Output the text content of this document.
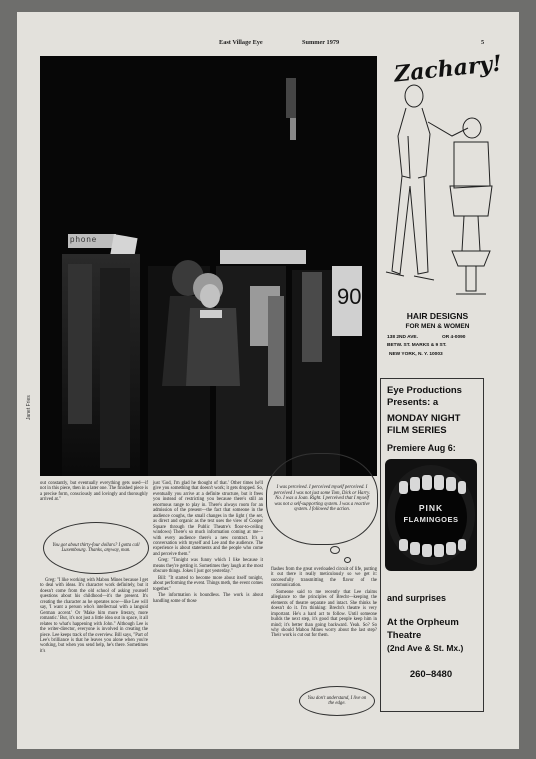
East Village Eye	Summer 1979	5
90
phone
Janet Fries

out constantly, but eventually everything gets used—if not in this piece, then in a later one. The finished piece is a precise form, consciously and lovingly and thoroughly arrived at."

You got about thirty-four dollars? I gotta call Luxembourg. Thanks, anyway, man.

Greg: "I like working with Mabou Mines because I get to deal with ideas. It's character work definitely, but it doesn't come from the old school of asking yourself questions about his childhood—it's the present. It's creating the character as he operates now—like Lee will say, 'I want a person who's intellectual with a languid German accent.' Or 'Make him more literary, more romantic.' But, it's not just a little idea out in space, it all relates to what's happening with John." Although Lee is the writer-director, everyone is involved in creating the piece. Lee keeps track of the overview. Bill says, "Part of Lee's brilliance is that he leaves you alone when you're working, but when you send help, he's there. Sometimes it's

just 'God, I'm glad he thought of that.' Other times he'll give you something that doesn't work; it gets dropped. So, eventually you arrive at a definite structure, but it frees you instead of restricting you because there's still an enormous range to play in. There's always room for an admission of the present—the fact that someone in the audience coughs, the small changes in the light ( the set, as direct and organic as the text uses the view of Cooper Square through the Public Theatre's floor-to-ceiling windows) There's so much information coming at me—with every audience there's a new contract. It's a conversation with myself and Lee and the audience. The experience is about statements and the people who come and perceive them."

Greg: "Tonight was funny which I like because it means they're getting it. Sometimes they laugh at the most obscure things. Jokes I just got yesterday."

Bill: "It started to become more about itself tonight, about performing the event. Things meth, the event comes together."

The information is boundless. The work is about handling some of those

I was perceived. I perceived myself perceived. I perceived I was not just some Tom, Dick or Harry. No. I was a Joan. Right. I perceived that I myself was not a self-supporting system. I was a reactive system. I followed the action.

flashes from the great overloaded circuit of life, putting it out there it really meticulously so we get it: successfully transmitting the flavor of the communication.

Someone said to me recently that Lee claims allegiance to the principles of Brecht—keeping the elements of theatre separate and intact. She thinks he doesn't do it. I'm thinking: Brecht's theatre is very important. He's a hard act to follow. Until someone builds the next step, it's good that people keep him in mind; it's better than going backward. Yeah. So? So why should Mabou Mines worry about the last step? Their work is cut out for them.

You don't understand, I live on the edge.
Zachary!
HAIR DESIGNS
FOR MEN & WOMEN
138 2ND AVE.	OR 4-0090
BETW. ST. MARKS & 9 ST.
NEW YORK, N. Y. 10003
Eye Productions
Presents: a
MONDAY NIGHT
FILM SERIES
Premiere Aug 6:
PINK
FLAMINGOES
and surprises
At the Orpheum
Theatre
(2nd Ave & St. Mx.)
260–8480
